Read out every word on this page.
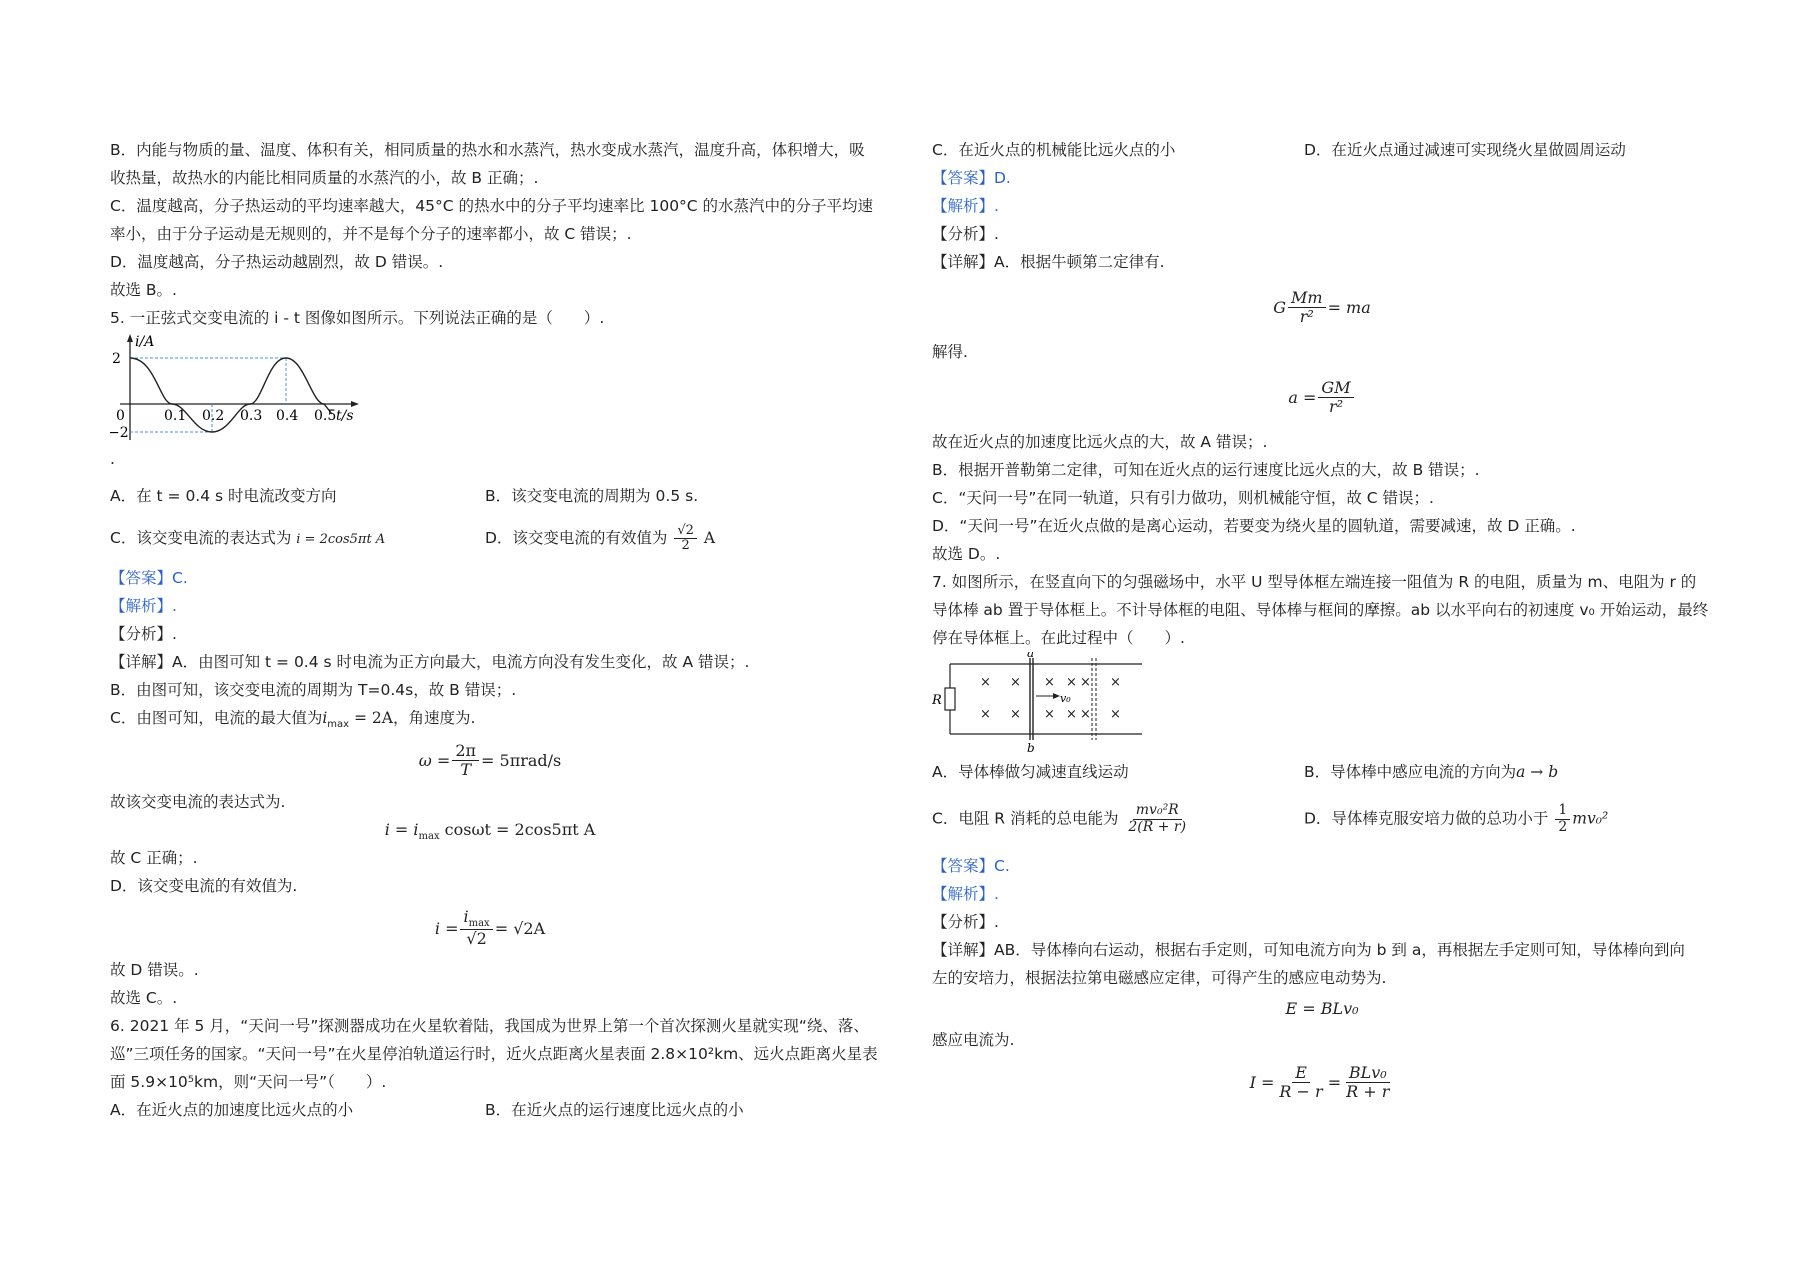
B．内能与物质的量、温度、体积有关，相同质量的热水和水蒸汽，热水变成水蒸汽，温度升高，体积增大，吸
收热量，故热水的内能比相同质量的水蒸汽的小，故 B 正确；.
C．温度越高，分子热运动的平均速率越大，45°C 的热水中的分子平均速率比 100°C 的水蒸汽中的分子平均速
率小，由于分子运动是无规则的，并不是每个分子的速率都小，故 C 错误；.
D．温度越高，分子热运动越剧烈，故 D 错误。.
故选 B。.
5. 一正弦式交变电流的 i - t 图像如图所示。下列说法正确的是（　　）.
i/A
2
−2
0	0.1 0.2 0.3 0.4 0.5 t/s
.
A．在 t = 0.4 s 时电流改变方向	B．该交变电流的周期为 0.5 s.
C．该交变电流的表达式为 i = 2cos5πt A	D．该交变电流的有效值为 $\frac{√2}{2}$ A
【答案】C.
【解析】.
【分析】.
【详解】A．由图可知 t = 0.4 s 时电流为正方向最大，电流方向没有发生变化，故 A 错误；.
B．由图可知，该交变电流的周期为 T=0.4s，故 B 错误；.
C．由图可知，电流的最大值为$i_{max} = 2A$，角速度为.
$\omega = \frac{2\pi}{T} = 5\pi rad/s$
故该交变电流的表达式为.
$i = i_{max}$ cosωt = 2cos5πt A
故 C 正确；.
D．该交变电流的有效值为.
$i = \frac{i_{max}}{√2} = √2A$
故 D 错误。.
故选 C。.
6. 2021 年 5 月，“天问一号”探测器成功在火星软着陆，我国成为世界上第一个首次探测火星就实现“绕、落、
巡”三项任务的国家。“天问一号”在火星停泊轨道运行时，近火点距离火星表面 2.8×10²km、远火点距离火星表
面 5.9×10⁵km，则“天问一号”（　　）.
A．在近火点的加速度比远火点的小	B．在近火点的运行速度比远火点的小
C．在近火点的机械能比远火点的小	D．在近火点通过减速可实现绕火星做圆周运动
【答案】D.
【解析】.
【分析】.
【详解】A．根据牛顿第二定律有.
G $\frac{Mm}{\text{r²}}$ = ma
解得.
$a = \frac{GM}{\text{r²}}$
故在近火点的加速度比远火点的大，故 A 错误；.
B．根据开普勒第二定律，可知在近火点的运行速度比远火点的大，故 B 错误；.
C．“天问一号”在同一轨道，只有引力做功，则机械能守恒，故 C 错误；.
D．“天问一号”在近火点做的是离心运动，若要变为绕火星的圆轨道，需要减速，故 D 正确。.
故选 D。.
7. 如图所示，在竖直向下的匀强磁场中，水平 U 型导体框左端连接一阻值为 R 的电阻，质量为 m、电阻为 r 的
导体棒 ab 置于导体框上。不计导体框的电阻、导体棒与框间的摩擦。ab 以水平向右的初速度 v₀ 开始运动，最终
停在导体框上。在此过程中（　　）.
R
a
b
v₀
× × × × × ×
× × × × × ×
A．导体棒做匀减速直线运动	B．导体棒中感应电流的方向为a → b
C．电阻 R 消耗的总电能为 $\frac{\text{mv₀²R}}{2(R + r)}$	D．导体棒克服安培力做的总功小于 $\frac{1}{2} mv_0^2$
【答案】C.
【解析】.
【分析】.
【详解】AB．导体棒向右运动，根据右手定则，可知电流方向为 b 到 a，再根据左手定则可知，导体棒向到向
左的安培力，根据法拉第电磁感应定律，可得产生的感应电动势为.
E = BLv₀
感应电流为.
$I = \frac{E}{R - r} = \frac{\text{BLv₀}}{R + r}$
